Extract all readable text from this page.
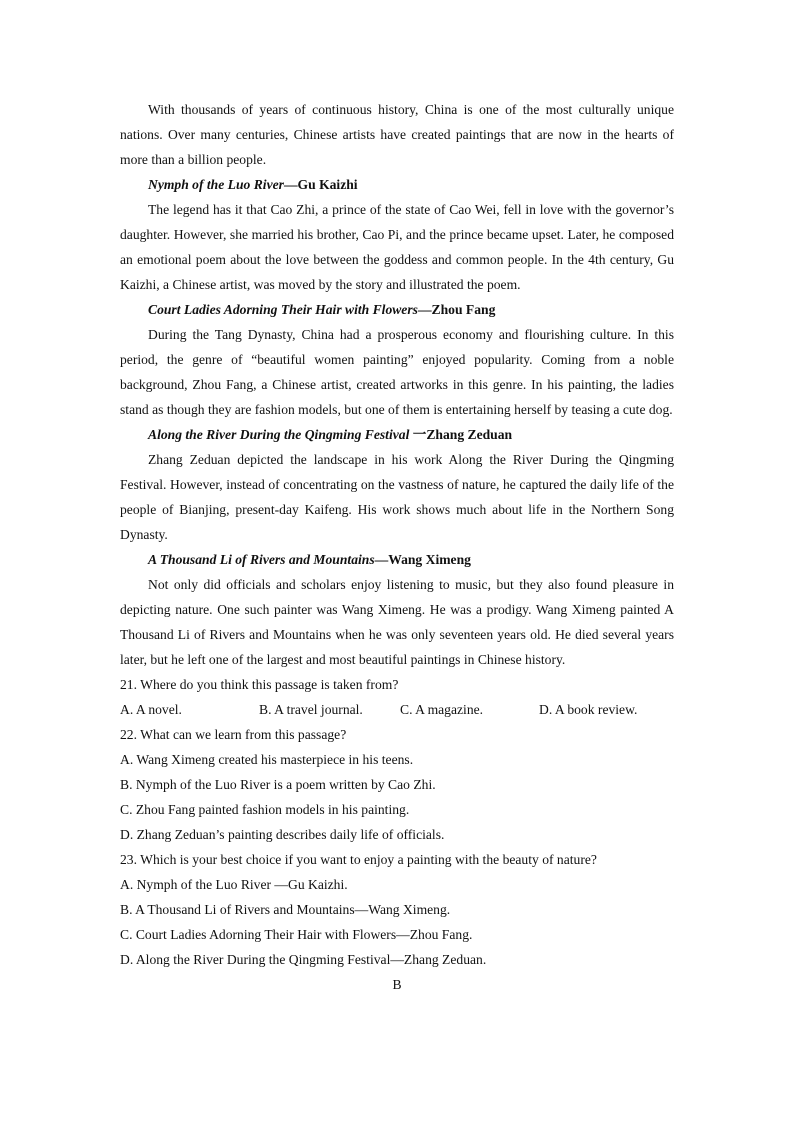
With thousands of years of continuous history, China is one of the most culturally unique nations. Over many centuries, Chinese artists have created paintings that are now in the hearts of more than a billion people.

Nymph of the Luo River—Gu Kaizhi

The legend has it that Cao Zhi, a prince of the state of Cao Wei, fell in love with the governor’s daughter. However, she married his brother, Cao Pi, and the prince became upset. Later, he composed an emotional poem about the love between the goddess and common people. In the 4th century, Gu Kaizhi, a Chinese artist, was moved by the story and illustrated the poem.

Court Ladies Adorning Their Hair with Flowers—Zhou Fang

During the Tang Dynasty, China had a prosperous economy and flourishing culture. In this period, the genre of “beautiful women painting” enjoyed popularity. Coming from a noble background, Zhou Fang, a Chinese artist, created artworks in this genre. In his painting, the ladies stand as though they are fashion models, but one of them is entertaining herself by teasing a cute dog.

Along the River During the Qingming Festival 一Zhang Zeduan

Zhang Zeduan depicted the landscape in his work Along the River During the Qingming Festival. However, instead of concentrating on the vastness of nature, he captured the daily life of the people of Bianjing, present-day Kaifeng. His work shows much about life in the Northern Song Dynasty.

A Thousand Li of Rivers and Mountains—Wang Ximeng

Not only did officials and scholars enjoy listening to music, but they also found pleasure in depicting nature. One such painter was Wang Ximeng. He was a prodigy. Wang Ximeng painted A Thousand Li of Rivers and Mountains when he was only seventeen years old. He died several years later, but he left one of the largest and most beautiful paintings in Chinese history.

21. Where do you think this passage is taken from?

A. A novel.	B. A travel journal.	C. A magazine.	D. A book review.

22. What can we learn from this passage?

A. Wang Ximeng created his masterpiece in his teens.

B. Nymph of the Luo River is a poem written by Cao Zhi.

C. Zhou Fang painted fashion models in his painting.

D. Zhang Zeduan’s painting describes daily life of officials.

23. Which is your best choice if you want to enjoy a painting with the beauty of nature?

A. Nymph of the Luo River —Gu Kaizhi.

B. A Thousand Li of Rivers and Mountains—Wang Ximeng.

C. Court Ladies Adorning Their Hair with Flowers—Zhou Fang.

D. Along the River During the Qingming Festival—Zhang Zeduan.

B
